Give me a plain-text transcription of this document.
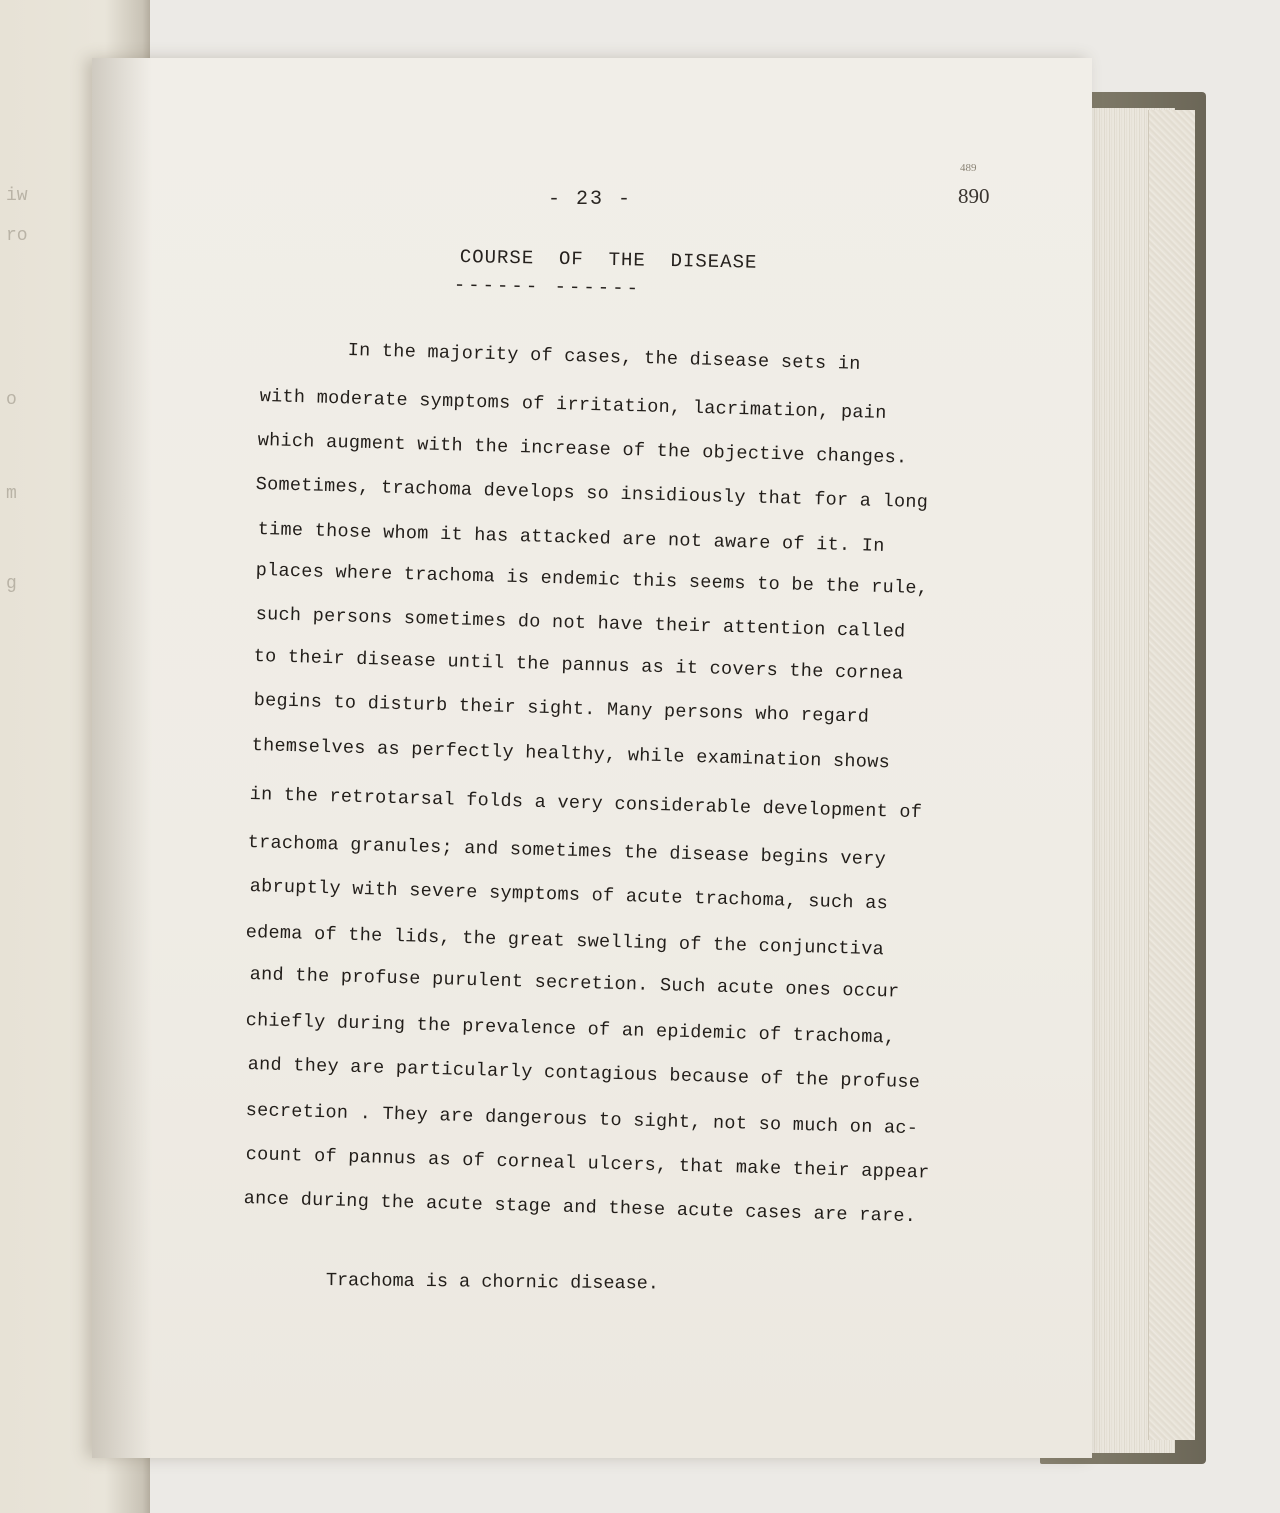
iw
ro
o
m
g

- 23 -
489
890
COURSE  OF  THE  DISEASE
------ ------
In the majority of cases, the disease sets in
with moderate symptoms of irritation, lacrimation, pain
which augment with the increase of the objective changes.
Sometimes, trachoma develops so insidiously that for a long
time those whom it has attacked are not aware of it. In
places where trachoma is endemic this seems to be the rule,
such persons sometimes do not have their attention called
to their disease until the pannus as it covers the cornea
begins to disturb their sight. Many persons who regard
themselves as perfectly healthy, while examination shows
in the retrotarsal folds a very considerable development of
trachoma granules; and sometimes the disease begins very
abruptly with severe symptoms of acute trachoma, such as
edema of the lids, the great swelling of the conjunctiva
and the profuse purulent secretion. Such acute ones occur
chiefly during the prevalence of an epidemic of trachoma,
and they are particularly contagious because of the profuse
secretion . They are dangerous to sight, not so much on ac-
count of pannus as of corneal ulcers, that make their appear
ance during the acute stage and these acute cases are rare.
Trachoma is a chornic disease.
